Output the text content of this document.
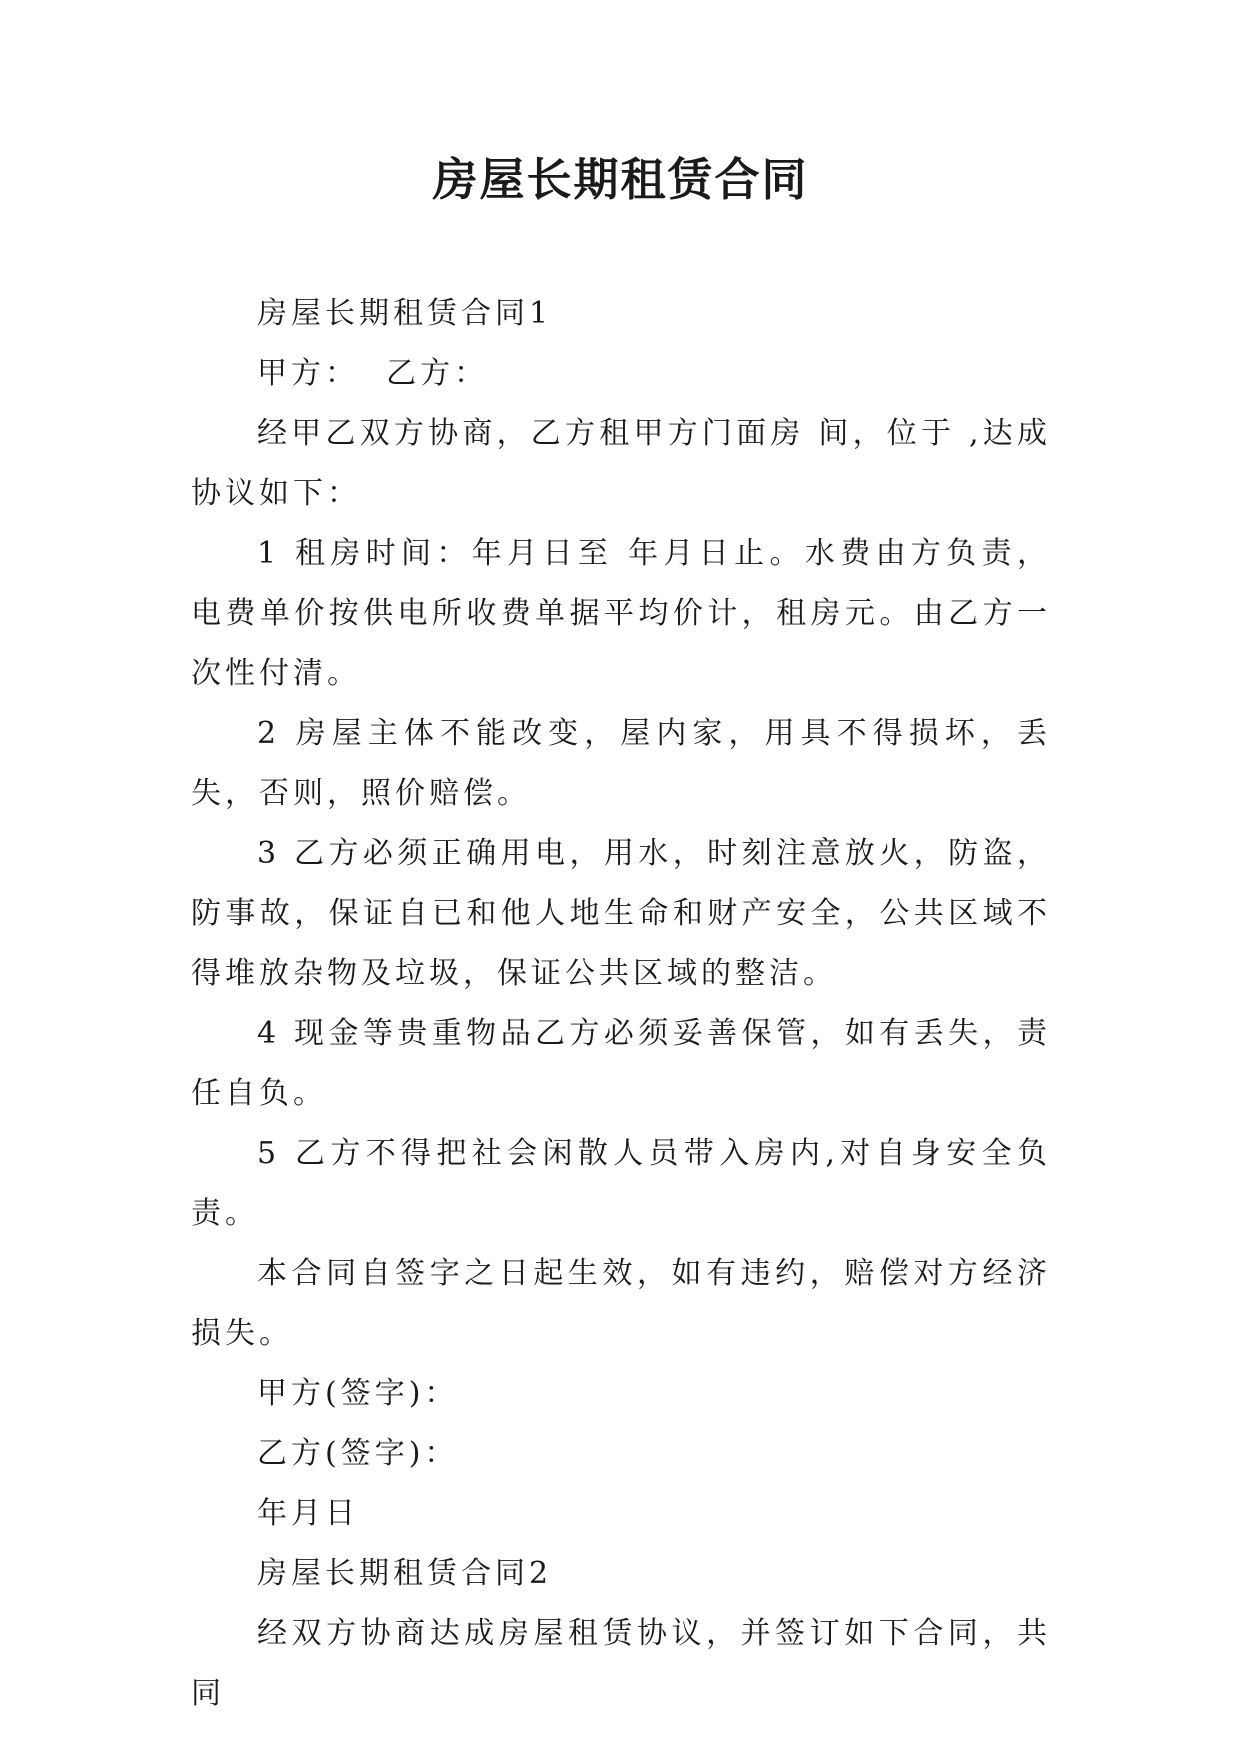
房屋长期租赁合同

房屋长期租赁合同1

甲方：  乙方：

经甲乙双方协商，乙方租甲方门面房 间，位于 ,达成协议如下：

1 租房时间：年月日至 年月日止。水费由方负责，电费单价按供电所收费单据平均价计，租房元。由乙方一次性付清。

2 房屋主体不能改变，屋内家，用具不得损坏，丢失，否则，照价赔偿。

3 乙方必须正确用电，用水，时刻注意放火，防盗，防事故，保证自已和他人地生命和财产安全，公共区域不得堆放杂物及垃圾，保证公共区域的整洁。

4 现金等贵重物品乙方必须妥善保管，如有丢失，责任自负。

5 乙方不得把社会闲散人员带入房内,对自身安全负责。

本合同自签字之日起生效，如有违约，赔偿对方经济损失。

甲方(签字)：

乙方(签字)：

年月日

房屋长期租赁合同2

经双方协商达成房屋租赁协议，并签订如下合同，共同
